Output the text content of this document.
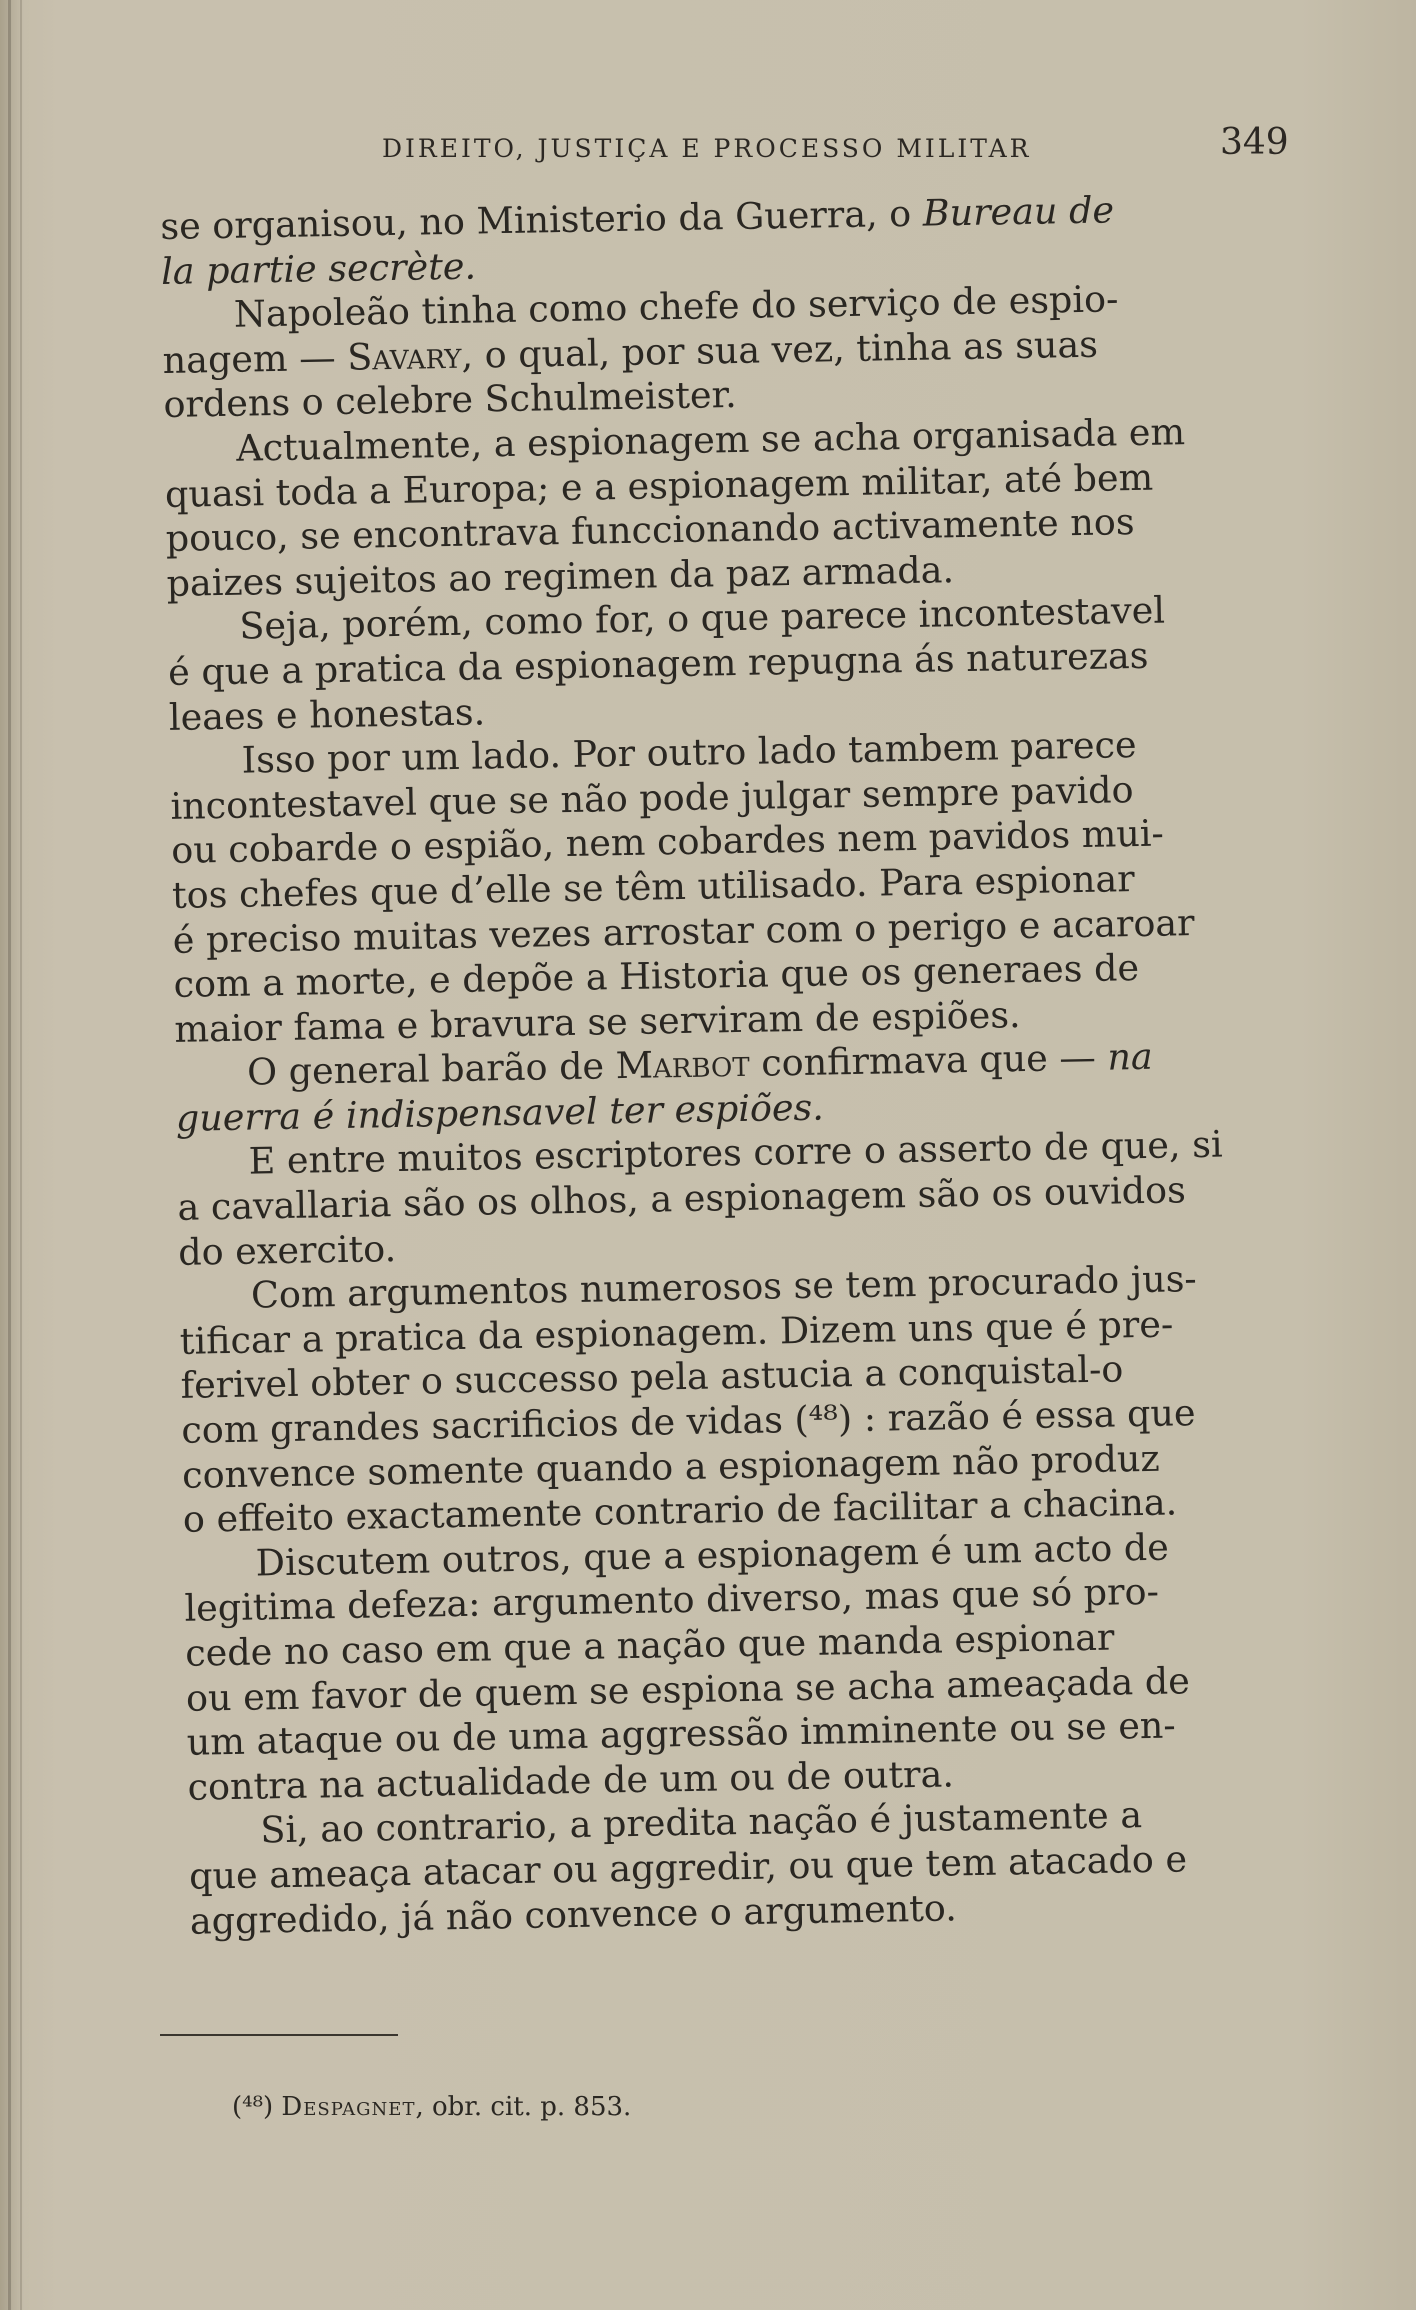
DIREITO, JUSTIÇA E PROCESSO MILITAR	349
se organisou, no Ministerio da Guerra, o Bureau de
la partie secrète.
Napoleão tinha como chefe do serviço de espio-
nagem — Savary, o qual, por sua vez, tinha as suas
ordens o celebre Schulmeister.
Actualmente, a espionagem se acha organisada em
quasi toda a Europa; e a espionagem militar, até bem
pouco, se encontrava funccionando activamente nos
paizes sujeitos ao regimen da paz armada.
Seja, porém, como for, o que parece incontestavel
é que a pratica da espionagem repugna ás naturezas
leaes e honestas.
Isso por um lado. Por outro lado tambem parece
incontestavel que se não pode julgar sempre pavido
ou cobarde o espião, nem cobardes nem pavidos mui-
tos chefes que d’elle se têm utilisado. Para espionar
é preciso muitas vezes arrostar com o perigo e acaroar
com a morte, e depõe a Historia que os generaes de
maior fama e bravura se serviram de espiões.
O general barão de Marbot confirmava que — na
guerra é indispensavel ter espiões.
E entre muitos escriptores corre o asserto de que, si
a cavallaria são os olhos, a espionagem são os ouvidos
do exercito.
Com argumentos numerosos se tem procurado jus-
tificar a pratica da espionagem. Dizem uns que é pre-
ferivel obter o successo pela astucia a conquistal-o
com grandes sacrificios de vidas (⁴⁸) : razão é essa que
convence somente quando a espionagem não produz
o effeito exactamente contrario de facilitar a chacina.
Discutem outros, que a espionagem é um acto de
legitima defeza: argumento diverso, mas que só pro-
cede no caso em que a nação que manda espionar
ou em favor de quem se espiona se acha ameaçada de
um ataque ou de uma aggressão imminente ou se en-
contra na actualidade de um ou de outra.
Si, ao contrario, a predita nação é justamente a
que ameaça atacar ou aggredir, ou que tem atacado e
aggredido, já não convence o argumento.
(⁴⁸) Despagnet, obr. cit. p. 853.
